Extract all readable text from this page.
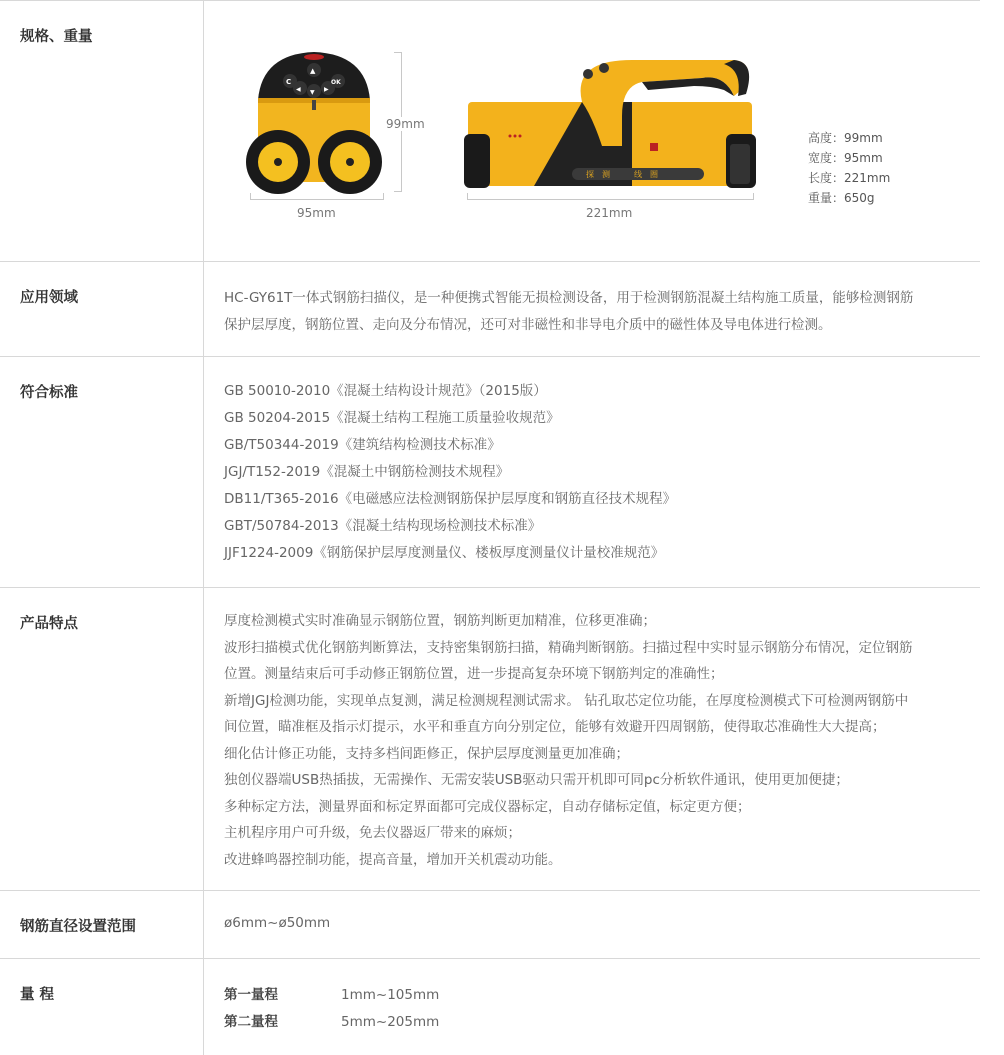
规格、重量
应用领域	HC-GY61T一体式钢筋扫描仪，是一种便携式智能无损检测设备，用于检测钢筋混凝土结构施工质量，能够检测钢筋
保护层厚度，钢筋位置、走向及分布情况，还可对非磁性和非导电介质中的磁性体及导电体进行检测。
符合标准	GB 50010-2010《混凝土结构设计规范》（2015版）
GB 50204-2015《混凝土结构工程施工质量验收规范》
GB/T50344-2019《建筑结构检测技术标准》
JGJ/T152-2019《混凝土中钢筋检测技术规程》
DB11/T365-2016《电磁感应法检测钢筋保护层厚度和钢筋直径技术规程》
GBT/50784-2013《混凝土结构现场检测技术标准》
JJF1224-2009《钢筋保护层厚度测量仪、楼板厚度测量仪计量校准规范》
产品特点	厚度检测模式实时准确显示钢筋位置，钢筋判断更加精准，位移更准确；
波形扫描模式优化钢筋判断算法，支持密集钢筋扫描，精确判断钢筋。扫描过程中实时显示钢筋分布情况，定位钢筋
位置。测量结束后可手动修正钢筋位置，进一步提高复杂环境下钢筋判定的准确性；
新增JGJ检测功能，实现单点复测，满足检测规程测试需求。 钻孔取芯定位功能，在厚度检测模式下可检测两钢筋中
间位置，瞄准框及指示灯提示，水平和垂直方向分别定位，能够有效避开四周钢筋，使得取芯准确性大大提高；
细化估计修正功能，支持多档间距修正，保护层厚度测量更加准确；
独创仪器端USB热插拔，无需操作、无需安装USB驱动只需开机即可同pc分析软件通讯，使用更加便捷；
多种标定方法，测量界面和标定界面都可完成仪器标定，自动存储标定值，标定更方便；
主机程序用户可升级，免去仪器返厂带来的麻烦；
改进蜂鸣器控制功能，提高音量，增加开关机震动功能。
钢筋直径设置范围	ø6mm~ø50mm
量 程	第一量程	1mm~105mm
第二量程	5mm~205mm
C
▲
OK
◀	▶
▼
探　测　　　线　圈
99mm
95mm	221mm
高度：99mm
宽度：95mm
长度：221mm
重量：650g
